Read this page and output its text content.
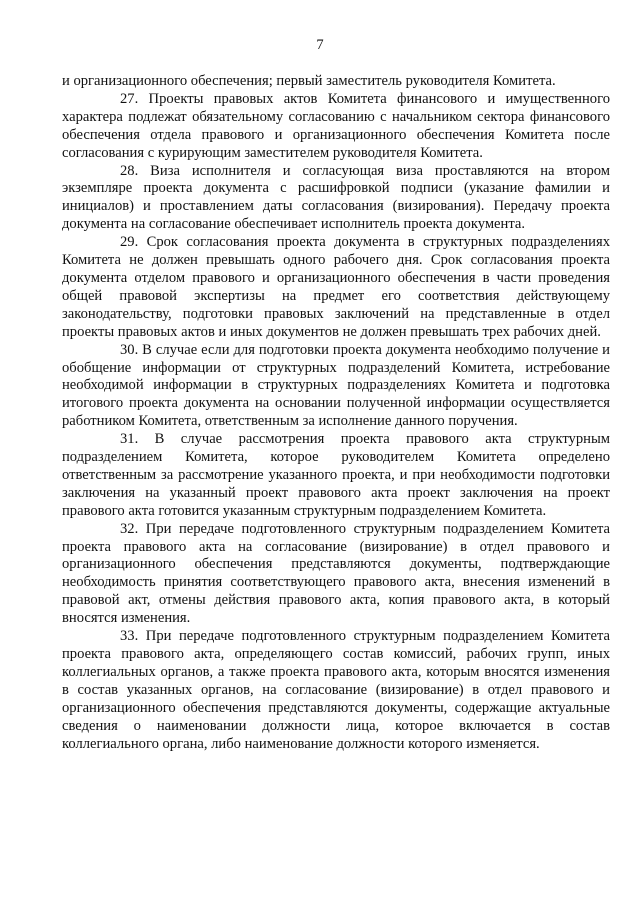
7

и организационного обеспечения; первый заместитель руководителя Комитета.

27. Проекты правовых актов Комитета финансового и имущественного характера подлежат обязательному согласованию с начальником сектора финансового обеспечения отдела правового и организационного обеспечения Комитета после согласования с курирующим заместителем руководителя Комитета.

28. Виза исполнителя и согласующая виза проставляются на втором экземпляре проекта документа с расшифровкой подписи (указание фамилии и инициалов) и проставлением даты согласования (визирования). Передачу проекта документа на согласование обеспечивает исполнитель проекта документа.

29. Срок согласования проекта документа в структурных подразделениях Комитета не должен превышать одного рабочего дня. Срок согласования проекта документа отделом правового и организационного обеспечения в части проведения общей правовой экспертизы на предмет его соответствия действующему законодательству, подготовки правовых заключений на представленные в отдел проекты правовых актов и иных документов не должен превышать трех рабочих дней.

30. В случае если для подготовки проекта документа необходимо получение и обобщение информации от структурных подразделений Комитета, истребование необходимой информации в структурных подразделениях Комитета и подготовка итогового проекта документа на основании полученной информации осуществляется работником Комитета, ответственным за исполнение данного поручения.

31. В случае рассмотрения проекта правового акта структурным подразделением Комитета, которое руководителем Комитета определено ответственным за рассмотрение указанного проекта, и при необходимости подготовки заключения на указанный проект правового акта проект заключения на проект правового акта готовится указанным структурным подразделением Комитета.

32. При передаче подготовленного структурным подразделением Комитета проекта правового акта на согласование (визирование) в отдел правового и организационного обеспечения представляются документы, подтверждающие необходимость принятия соответствующего правового акта, внесения изменений в правовой акт, отмены действия правового акта, копия правового акта, в который вносятся изменения.

33. При передаче подготовленного структурным подразделением Комитета проекта правового акта, определяющего состав комиссий, рабочих групп, иных коллегиальных органов, а также проекта правового акта, которым вносятся изменения в состав указанных органов, на согласование (визирование) в отдел правового и организационного обеспечения представляются документы, содержащие актуальные сведения о наименовании должности лица, которое включается в состав коллегиального органа, либо наименование должности которого изменяется.
